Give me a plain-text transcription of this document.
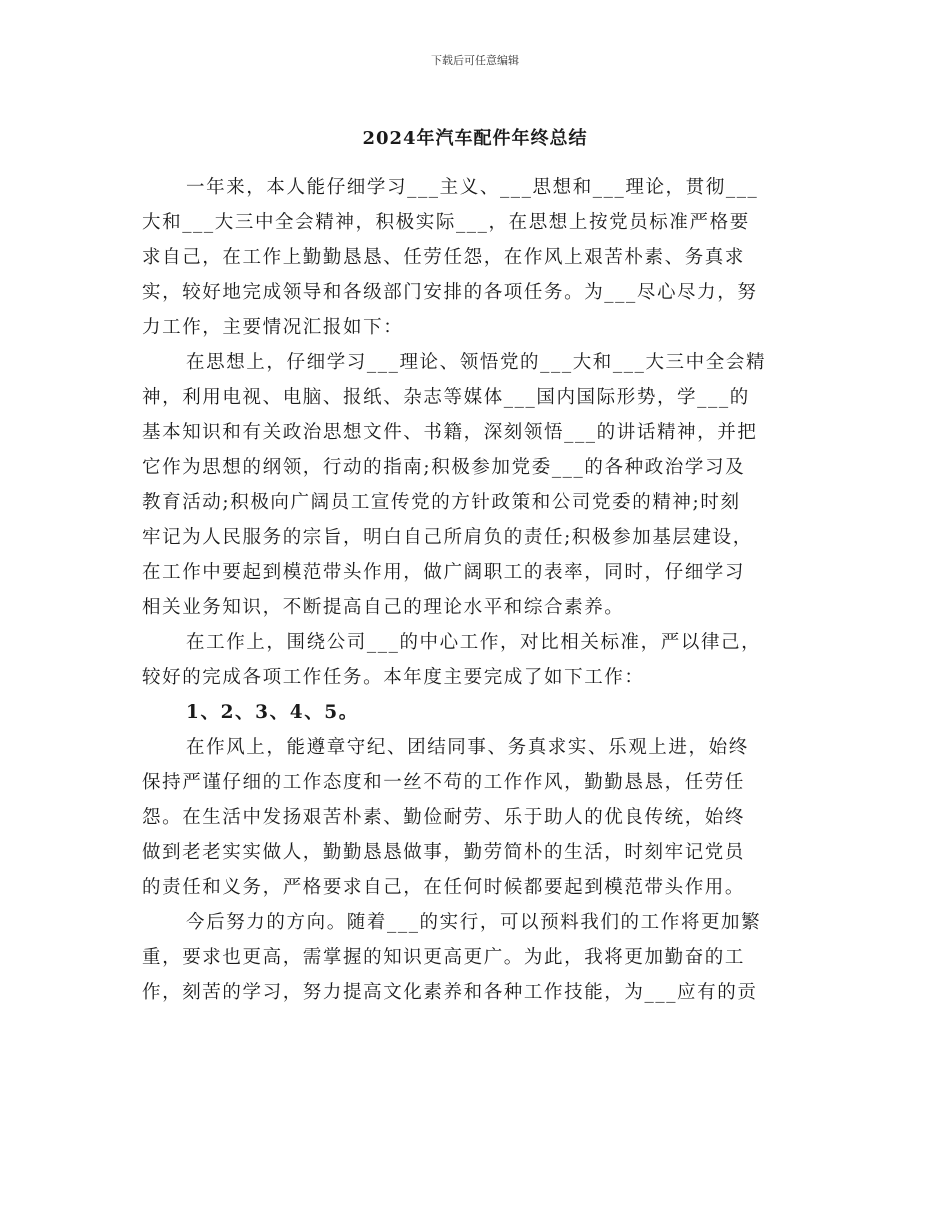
下载后可任意编辑
2024年汽车配件年终总结
一年来，本人能仔细学习___主义、___思想和___理论，贯彻___
大和___大三中全会精神，积极实际___，在思想上按党员标准严格要
求自己，在工作上勤勤恳恳、任劳任怨，在作风上艰苦朴素、务真求
实，较好地完成领导和各级部门安排的各项任务。为___尽心尽力，努
力工作，主要情况汇报如下：
在思想上，仔细学习___理论、领悟党的___大和___大三中全会精
神，利用电视、电脑、报纸、杂志等媒体___国内国际形势，学___的
基本知识和有关政治思想文件、书籍，深刻领悟___的讲话精神，并把
它作为思想的纲领，行动的指南;积极参加党委___的各种政治学习及
教育活动;积极向广阔员工宣传党的方针政策和公司党委的精神;时刻
牢记为人民服务的宗旨，明白自己所肩负的责任;积极参加基层建设，
在工作中要起到模范带头作用，做广阔职工的表率，同时，仔细学习
相关业务知识，不断提高自己的理论水平和综合素养。
在工作上，围绕公司___的中心工作，对比相关标准，严以律己，
较好的完成各项工作任务。本年度主要完成了如下工作：
1、2、3、4、5。
在作风上，能遵章守纪、团结同事、务真求实、乐观上进，始终
保持严谨仔细的工作态度和一丝不苟的工作作风，勤勤恳恳，任劳任
怨。在生活中发扬艰苦朴素、勤俭耐劳、乐于助人的优良传统，始终
做到老老实实做人，勤勤恳恳做事，勤劳简朴的生活，时刻牢记党员
的责任和义务，严格要求自己，在任何时候都要起到模范带头作用。
今后努力的方向。随着___的实行，可以预料我们的工作将更加繁
重，要求也更高，需掌握的知识更高更广。为此，我将更加勤奋的工
作，刻苦的学习，努力提高文化素养和各种工作技能，为___应有的贡
